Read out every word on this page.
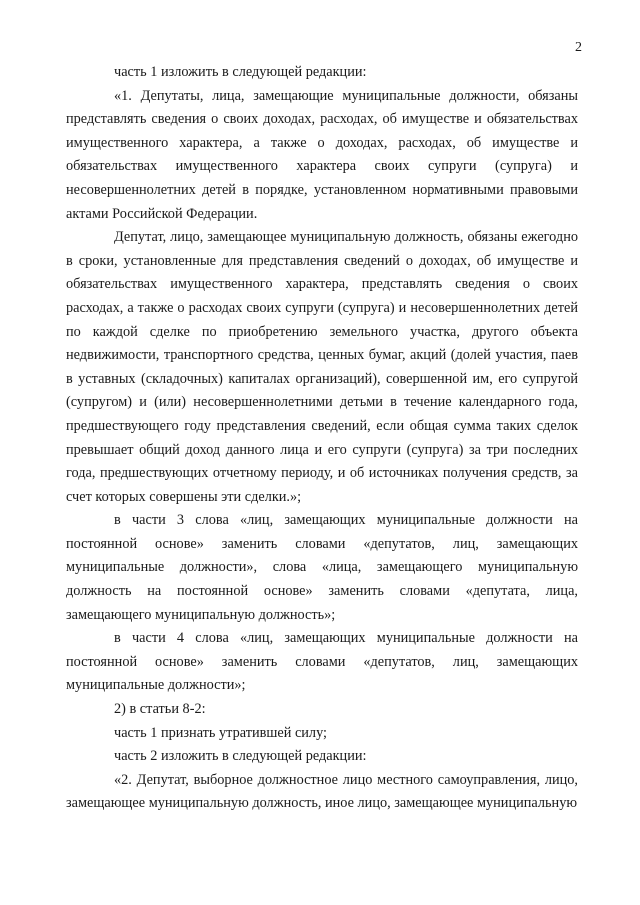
2

часть 1 изложить в следующей редакции:

«1. Депутаты, лица, замещающие муниципальные должности, обязаны представлять сведения о своих доходах, расходах, об имуществе и обязательствах имущественного характера, а также о доходах, расходах, об имуществе и обязательствах имущественного характера своих супруги (супруга) и несовершеннолетних детей в порядке, установленном нормативными правовыми актами Российской Федерации.

Депутат, лицо, замещающее муниципальную должность, обязаны ежегодно в сроки, установленные для представления сведений о доходах, об имуществе и обязательствах имущественного характера, представлять сведения о своих расходах, а также о расходах своих супруги (супруга) и несовершеннолетних детей по каждой сделке по приобретению земельного участка, другого объекта недвижимости, транспортного средства, ценных бумаг, акций (долей участия, паев в уставных (складочных) капиталах организаций), совершенной им, его супругой (супругом) и (или) несовершеннолетними детьми в течение календарного года, предшествующего году представления сведений, если общая сумма таких сделок превышает общий доход данного лица и его супруги (супруга) за три последних года, предшествующих отчетному периоду, и об источниках получения средств, за счет которых совершены эти сделки.»;

в части 3 слова «лиц, замещающих муниципальные должности на постоянной основе» заменить словами «депутатов, лиц, замещающих муниципальные должности», слова «лица, замещающего муниципальную должность на постоянной основе» заменить словами «депутата, лица, замещающего муниципальную должность»;

в части 4 слова «лиц, замещающих муниципальные должности на постоянной основе» заменить словами «депутатов, лиц, замещающих муниципальные должности»;

2) в статьи 8-2:

часть 1 признать утратившей силу;

часть 2 изложить в следующей редакции:

«2. Депутат, выборное должностное лицо местного самоуправления, лицо, замещающее муниципальную должность, иное лицо, замещающее муниципальную
